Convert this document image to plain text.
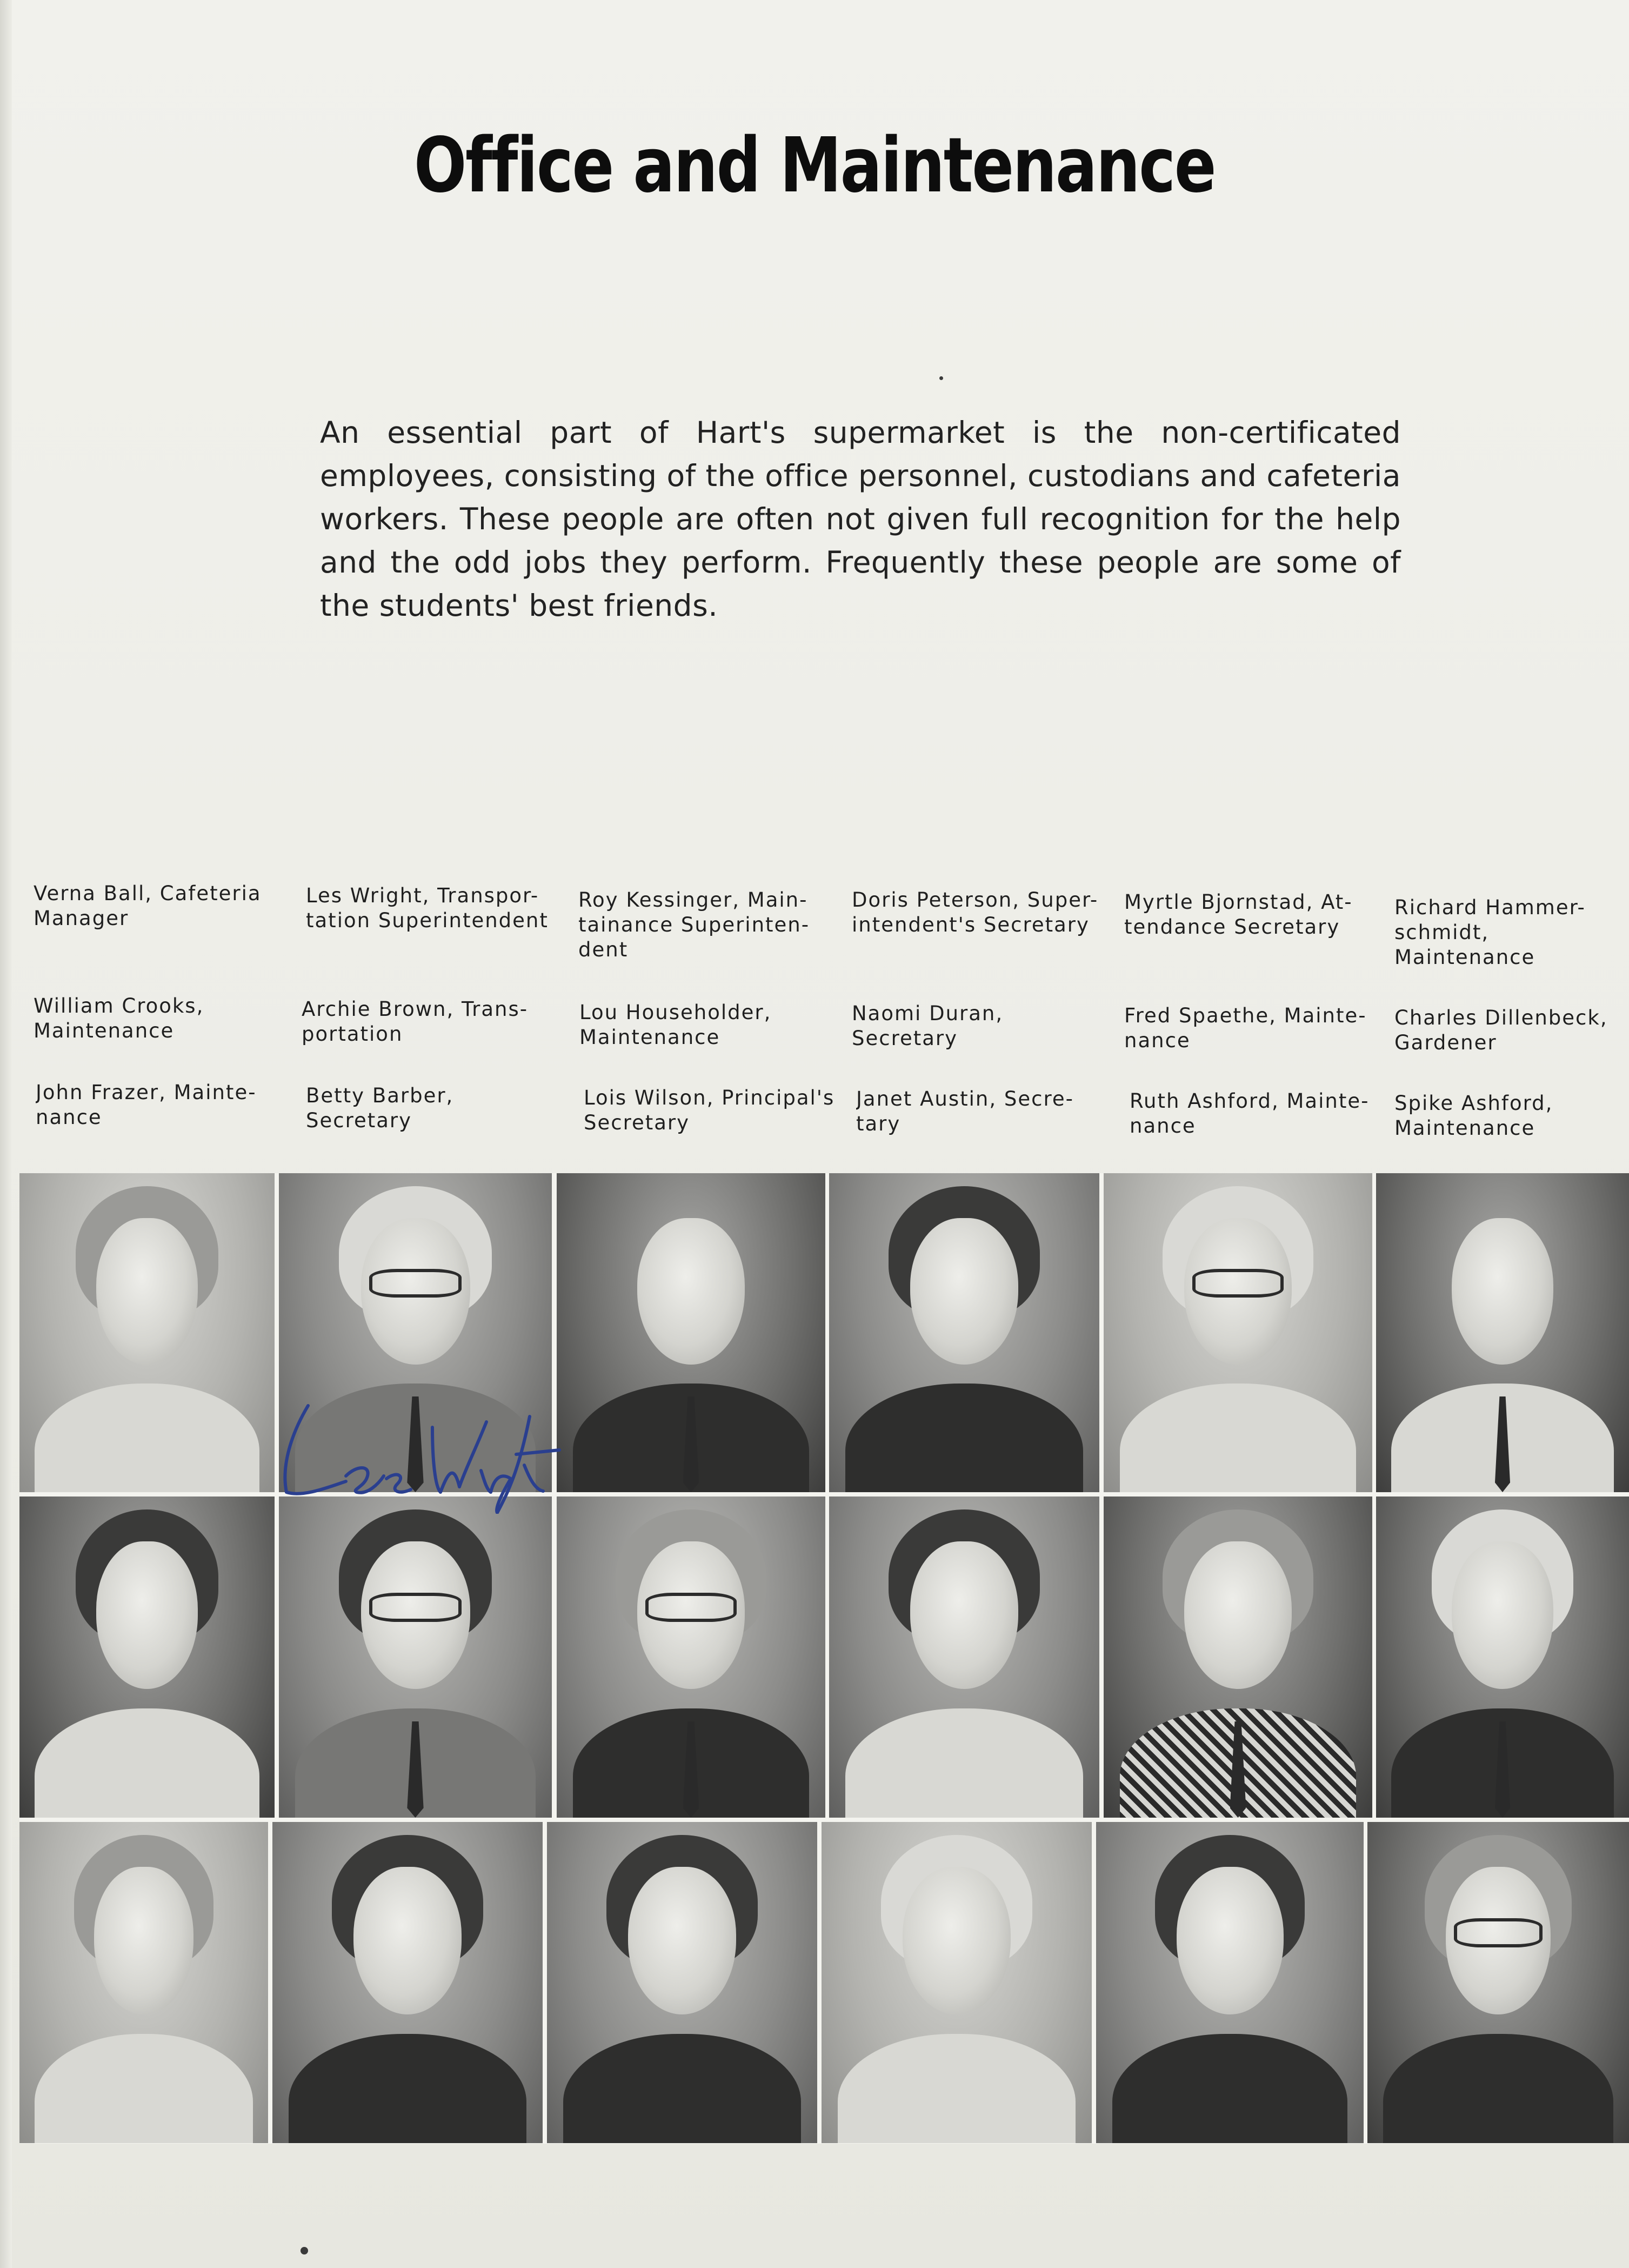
Office and Maintenance
An essential part of Hart's supermarket is the non-certificated employees, consisting of the office personnel, custodians and cafeteria workers. These people are often not given full recognition for the help and the odd jobs they perform. Frequently these people are some of the students' best friends.
Verna Ball, Cafeteria
Manager
Les Wright, Transpor-
tation Superintendent
Roy Kessinger, Main-
tainance Superinten-
dent
Doris Peterson, Super-
intendent's Secretary
Myrtle Bjornstad, At-
tendance Secretary
Richard Hammer-
schmidt, Maintenance
William Crooks,
Maintenance
Archie Brown, Trans-
portation
Lou Householder,
Maintenance
Naomi Duran,
Secretary
Fred Spaethe, Mainte-
nance
Charles Dillenbeck,
Gardener
John Frazer, Mainte-
nance
Betty Barber, Secretary
Lois Wilson, Principal's
Secretary
Janet Austin, Secre-
tary
Ruth Ashford, Mainte-
nance
Spike Ashford,
Maintenance
